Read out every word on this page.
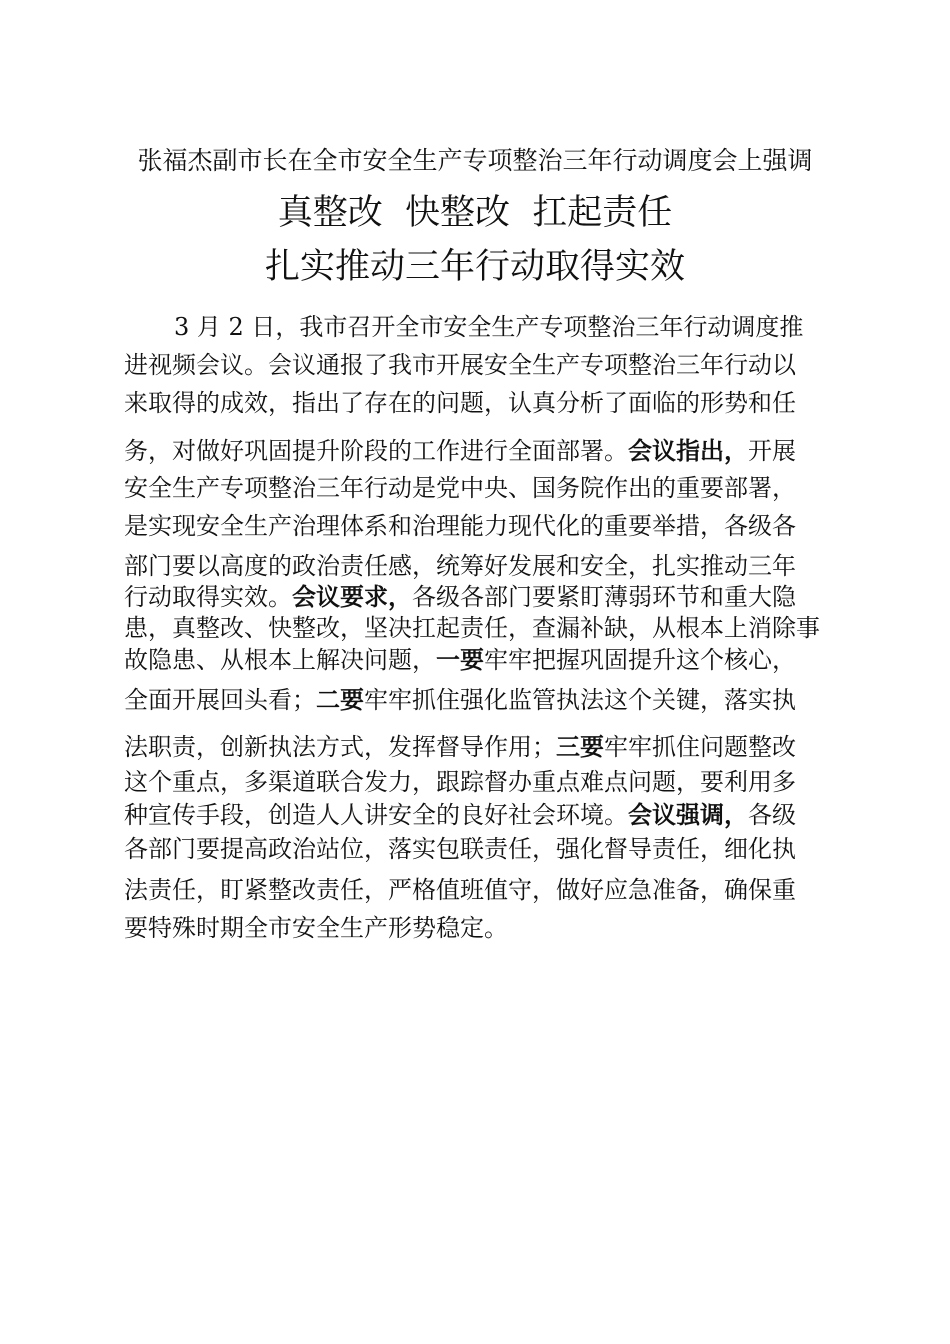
张福杰副市长在全市安全生产专项整治三年行动调度会上强调
真整改  快整改  扛起责任
扎实推动三年行动取得实效
3 月 2 日，我市召开全市安全生产专项整治三年行动调度推
进视频会议。会议通报了我市开展安全生产专项整治三年行动以
来取得的成效，指出了存在的问题，认真分析了面临的形势和任
务，对做好巩固提升阶段的工作进行全面部署。会议指出，开展
安全生产专项整治三年行动是党中央、国务院作出的重要部署，
是实现安全生产治理体系和治理能力现代化的重要举措，各级各
部门要以高度的政治责任感，统筹好发展和安全，扎实推动三年
行动取得实效。会议要求，各级各部门要紧盯薄弱环节和重大隐
患，真整改、快整改，坚决扛起责任，查漏补缺，从根本上消除事
故隐患、从根本上解决问题，一要牢牢把握巩固提升这个核心，
全面开展回头看；二要牢牢抓住强化监管执法这个关键，落实执
法职责，创新执法方式，发挥督导作用；三要牢牢抓住问题整改
这个重点，多渠道联合发力，跟踪督办重点难点问题，要利用多
种宣传手段，创造人人讲安全的良好社会环境。会议强调，各级
各部门要提高政治站位，落实包联责任，强化督导责任，细化执
法责任，盯紧整改责任，严格值班值守，做好应急准备，确保重
要特殊时期全市安全生产形势稳定。
